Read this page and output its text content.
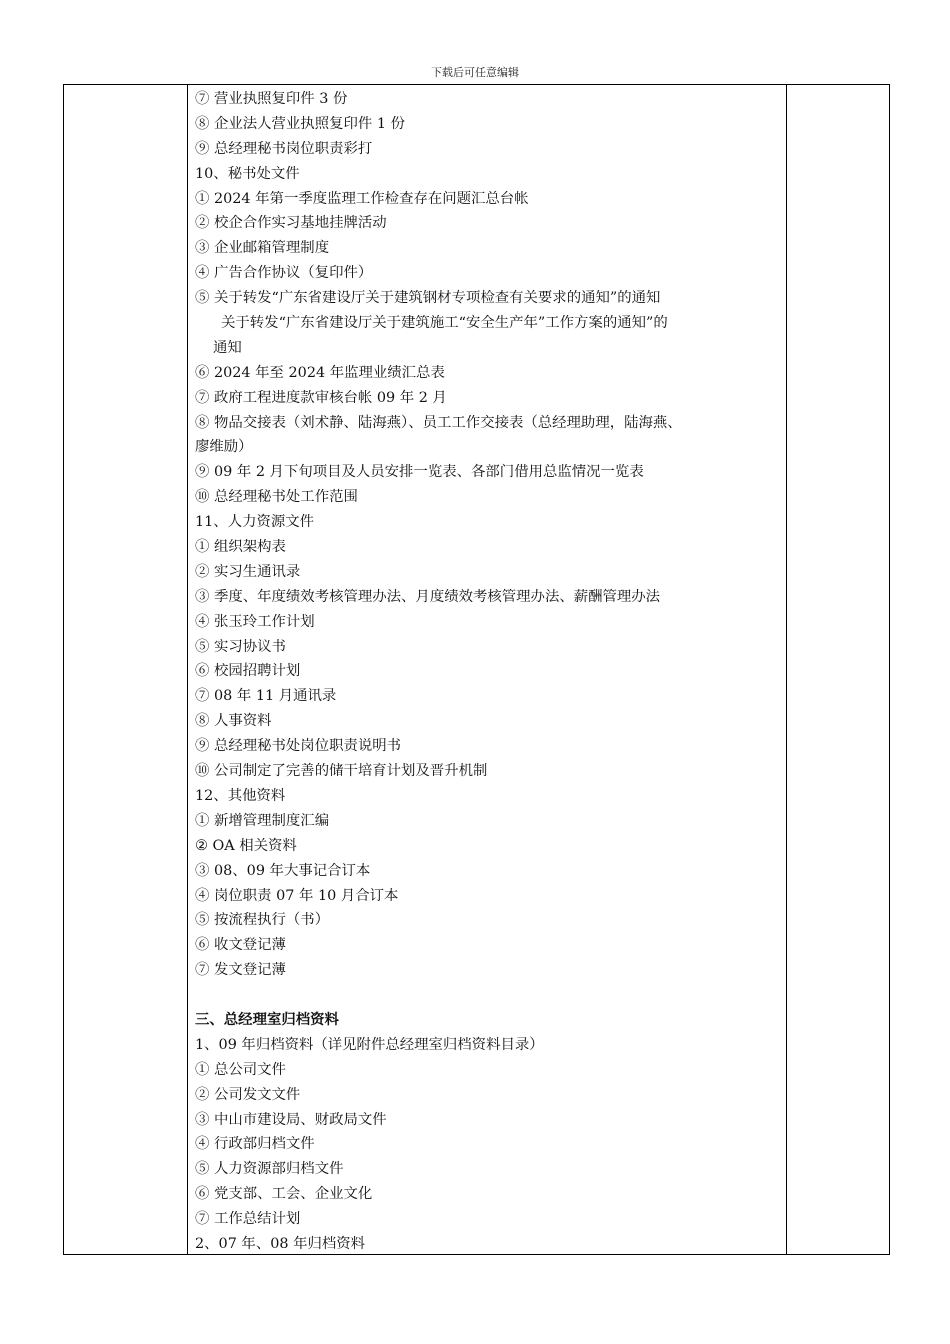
下载后可任意编辑
⑦ 营业执照复印件 3 份
⑧ 企业法人营业执照复印件 1 份
⑨ 总经理秘书岗位职责彩打
10、秘书处文件
① 2024 年第一季度监理工作检查存在问题汇总台帐
② 校企合作实习基地挂牌活动
③ 企业邮箱管理制度
④ 广告合作协议（复印件）
⑤ 关于转发“广东省建设厅关于建筑钢材专项检查有关要求的通知”的通知
关于转发“广东省建设厅关于建筑施工“安全生产年”工作方案的通知”的
通知
⑥ 2024 年至 2024 年监理业绩汇总表
⑦ 政府工程进度款审核台帐 09 年 2 月
⑧ 物品交接表（刘术静、陆海燕）、员工工作交接表（总经理助理，陆海燕、
廖维励）
⑨ 09 年 2 月下旬项目及人员安排一览表、各部门借用总监情况一览表
⑩ 总经理秘书处工作范围
11、人力资源文件
① 组织架构表
② 实习生通讯录
③ 季度、年度绩效考核管理办法、月度绩效考核管理办法、薪酬管理办法
④ 张玉玲工作计划
⑤ 实习协议书
⑥ 校园招聘计划
⑦ 08 年 11 月通讯录
⑧ 人事资料
⑨ 总经理秘书处岗位职责说明书
⑩ 公司制定了完善的储干培育计划及晋升机制
12、其他资料
① 新增管理制度汇编
② OA 相关资料
③ 08、09 年大事记合订本
④ 岗位职责 07 年 10 月合订本
⑤ 按流程执行（书）
⑥ 收文登记薄
⑦ 发文登记薄
三、总经理室归档资料
1、09 年归档资料（详见附件总经理室归档资料目录）
① 总公司文件
② 公司发文文件
③ 中山市建设局、财政局文件
④ 行政部归档文件
⑤ 人力资源部归档文件
⑥ 党支部、工会、企业文化
⑦ 工作总结计划
2、07 年、08 年归档资料
